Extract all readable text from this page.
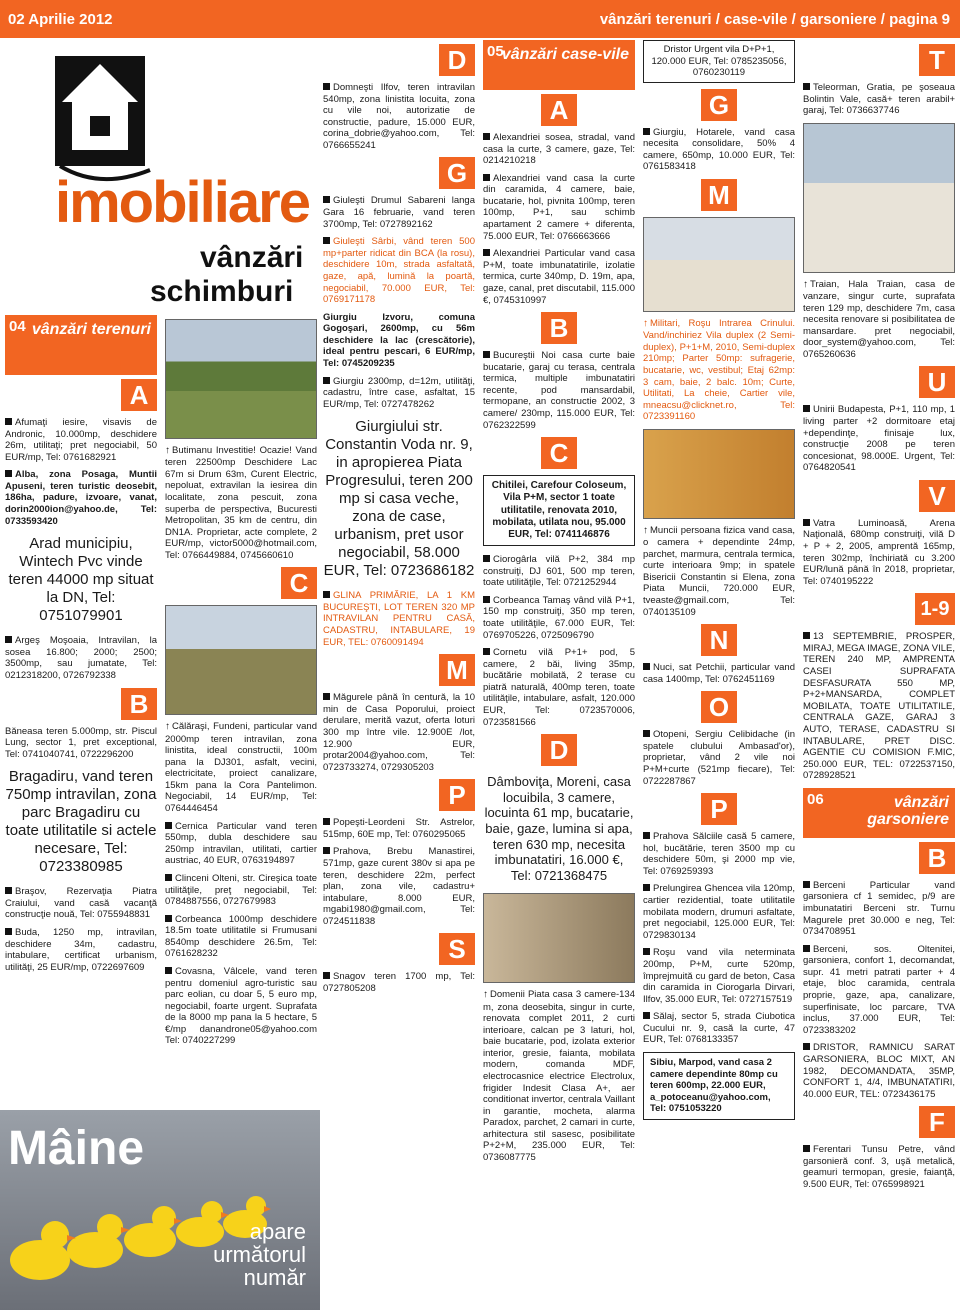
02 Aprilie 2012	vânzări terenuri / case-vile / garsoniere / pagina 9
imobiliare
vânzări
schimburi
04 vânzări terenuri
A
Afumaţi iesire, visavis de Andronic, 10.000mp, deschidere 26m, utilitaţi; pret negociabil, 50 EUR/mp, Tel: 0761682921
Alba, zona Posaga, Muntii Apuseni, teren turistic deosebit, 186ha, padure, izvoare, vanat, dorin2000ion@yahoo.de, Tel: 0733593420
Arad municipiu, Wintech Pvc vinde teren 44000 mp situat la DN, Tel: 0751079901
Argeş Moşoaia, Intravilan, la sosea 16.800; 2000; 2500; 3500mp, sau jumatate, Tel: 0212318200, 0726792338
B
Băneasa teren 5.000mp, str. Piscul Lung, sector 1, pret exceptional, Tel: 0741040741, 0722296200
Bragadiru, vand teren 750mp intravilan, zona parc Bragadiru cu toate utilitatile si actele necesare, Tel: 0723380985
Braşov, Rezervaţia Piatra Craiului, vand casă vacanţă construcţie nouă, Tel: 0755948831
Buda, 1250 mp, intravilan, deschidere 34m, cadastru, intabulare, certificat urbanism, utilităţi, 25 EUR/mp, 0722697609
↑ Butimanu Investitie! Ocazie! Vand teren 22500mp Deschidere Lac 67m si Drum 63m, Curent Electric, nepoluat, extravilan la iesirea din localitate, zona pescuit, zona superba de perspectiva, Bucuresti Metropolitan, 35 km de centru, din DN1A. Proprietar, acte complete, 2 EUR/mp, victor5000@hotmail.com, Tel: 0766449884, 0745660610
C
↑ Călăraşi, Fundeni, particular vand 2000mp teren intravilan, zona linistita, ideal constructii, 100m pana la DJ301, asfalt, vecini, electricitate, proiect canalizare, 15km pana la Cora Pantelimon. Negociabil, 14 EUR/mp, Tel: 0764446454
Cernica Particular vand teren 550mp, dubla deschidere sau 250mp intravilan, utilitati, cartier austriac, 40 EUR, 0763194897
Clinceni Olteni, str. Cireşica toate utilităţile, preţ negociabil, Tel: 0784887556, 0727679983
Corbeanca 1000mp deschidere 18.5m toate utilitatile si Frumusani 8540mp deschidere 26.5m, Tel: 0761628232
Covasna, Vâlcele, vand teren pentru domeniul agro-turistic sau parc eolian, cu doar 5, 5 euro mp, negociabil, foarte urgent. Suprafata de la 8000 mp pana la 5 hectare, 5 €/mp danandrone05@yahoo.com Tel: 0740227299
Mâine
apare
următorul
număr
D
Domneşti Ilfov, teren intravilan 540mp, zona linistita locuita, zona cu vile noi, autorizatie de constructie, padure, 15.000 EUR, corina_dobrie@yahoo.com, Tel: 0766655241
G
Giuleşti Drumul Sabareni langa Gara 16 februarie, vand teren 3700mp, Tel: 0727892162
Giuleşti Sârbi, vând teren 500 mp+parter ridicat din BCA (la rosu), deschidere 10m, strada asfaltată, gaze, apă, lumină la poartă, negociabil, 70.000 EUR, Tel: 0769171178
Giurgiu Izvoru, comuna Gogoşari, 2600mp, cu 56m deschidere la lac (crescătorie), ideal pentru pescari, 6 EUR/mp, Tel: 0745209235
Giurgiu 2300mp, d=12m, utilităţi, cadastru, între case, asfaltat, 15 EUR/mp, Tel: 0727478262
Giurgiului str. Constantin Voda nr. 9, in apropierea Piata Progresului, teren 200 mp si casa veche, zona de case, urbanism, pret usor negociabil, 58.000 EUR, Tel: 0723686182
GLINA PRIMĂRIE, LA 1 KM BUCUREŞTI, LOT TEREN 320 MP INTRAVILAN PENTRU CASĂ, CADASTRU, INTABULARE, 19 EUR, TEL: 0760091494
M
Măgurele până în centură, la 10 min de Casa Poporului, proiect derulare, merită vazut, oferta loturi 300 mp între vile. 12.900E /lot, 12.900 EUR, protar2004@yahoo.com, Tel: 0723733274, 0729305203
P
Popeşti-Leordeni Str. Astrelor, 515mp, 60E mp, Tel: 0760295065
Prahova, Brebu Manastirei, 571mp, gaze curent 380v si apa pe teren, deschidere 22m, perfect plan, zona vile, cadastru+ intabulare, 8.000 EUR, mgabi1980@gmail.com, Tel: 0724511838
S
Snagov teren 1700 mp, Tel: 0727805208
05
vânzări case-vile
A
Alexandriei sosea, stradal, vand casa la curte, 3 camere, gaze, Tel: 0214210218
Alexandriei vand casa la curte din caramida, 4 camere, baie, bucatarie, hol, pivnita 100mp, teren 100mp, P+1, sau schimb apartament 2 camere + diferenta, 75.000 EUR, Tel: 0766663666
Alexandriei Particular vand casa P+M, toate imbunatatirile, izolatie termica, curte 340mp, D. 19m, apa, gaze, canal, pret discutabil, 115.000 €, 0745310997
B
Bucureştii Noi casa curte baie bucatarie, garaj cu terasa, centrala termica, multiple imbunatatiri recente, pod mansardabil, termopane, an constructie 2002, 3 camere/ 230mp, 115.000 EUR, Tel: 0762322599
C
Chitilei, Carefour Coloseum, Vila P+M, sector 1 toate utilitatile, renovata 2010, mobilata, utilata nou, 95.000 EUR, Tel: 0741146876
Ciorogârla vilă P+2, 384 mp construiţi, DJ 601, 500 mp teren, toate utilităţile, Tel: 0721252944
Corbeanca Tamaş vând vilă P+1, 150 mp construiţi, 350 mp teren, toate utilităţile, 67.000 EUR, Tel: 0769705226, 0725096790
Cornetu vilă P+1+ pod, 5 camere, 2 băi, living 35mp, bucătărie mobilată, 2 terase cu piatră naturală, 400mp teren, toate utilităţile, intabulare, asfalt, 120.000 EUR, Tel: 0723570006, 0723581566
D
Dâmboviţa, Moreni, casa locuibila, 3 camere, locuinta 61 mp, bucatarie, baie, gaze, lumina si apa, teren 630 mp, necesita imbunatatiri, 16.000 €, Tel: 0721368475
↑ Domenii Piata casa 3 camere-134 m, zona deosebita, singur in curte, renovata complet 2011, 2 curti interioare, calcan pe 3 laturi, hol, baie bucatarie, pod, izolata exterior interior, gresie, faianta, mobilata modern, comanda MDF, electrocasnice electrice Electrolux, frigider Indesit Clasa A+, aer conditionat invertor, centrala Vaillant in garantie, mocheta, alarma Paradox, parchet, 2 camari in curte, arhitectura stil sasesc, posibilitate P+2+M, 235.000 EUR, Tel: 0736087775
Dristor Urgent vila D+P+1, 120.000 EUR, Tel: 0785235056, 0760230119
G
Giurgiu, Hotarele, vand casa necesita consolidare, 50% 4 camere, 650mp, 10.000 EUR, Tel: 0761583418
M
↑ Militari, Roşu Intrarea Crinului. Vand/inchiriez Vila duplex (2 Semi-duplex), P+1+M, 2010, Semi-duplex 210mp; Parter 50mp: sufragerie, bucatarie, wc, vestibul; Etaj 62mp: 3 cam, baie, 2 balc. 10m; Curte, Utilitati, La cheie, Cartier vile, mneacsu@clicknet.ro, Tel: 0723391160
↑ Muncii persoana fizica vand casa, o camera + dependinte 24mp, parchet, marmura, centrala termica, curte interioara 9mp; in spatele Bisericii Constantin si Elena, zona Piata Muncii, 720.000 EUR, tveaste@gmail.com, Tel: 0740135109
N
Nuci, sat Petchii, particular vand casa 1400mp, Tel: 0762451169
O
Otopeni, Sergiu Celibidache (in spatele clubului Ambasad'or), proprietar, vând 2 vile noi P+M+curte (521mp fiecare), Tel: 0722287867
P
Prahova Sălciile casă 5 camere, hol, bucătărie, teren 3500 mp cu deschidere 50m, şi 2000 mp vie, Tel: 0769259393
Prelungirea Ghencea vila 120mp, cartier rezidential, toate utilitatile mobilata modern, drumuri asfaltate, pret negociabil, 125.000 EUR, Tel: 0729830134
Roşu vand vila neterminata 200mp, P+M, curte 520mp, împrejmuită cu gard de beton, Casa din caramida in Ciorogarla Dirvari, Ilfov, 35.000 EUR, Tel: 0727157519
Sălaj, sector 5, strada Ciubotica Cucului nr. 9, casă la curte, 47 EUR, Tel: 0768133357
Sibiu, Marpod, vand casa 2 camere dependinte 80mp cu teren 600mp, 22.000 EUR, a_potoceanu@yahoo.com, Tel: 0751053220
T
Teleorman, Gratia, pe şoseaua Bolintin Vale, casă+ teren arabil+ garaj, Tel: 0736637746
↑ Traian, Hala Traian, casa de vanzare, singur curte, suprafata teren 129 mp, deschidere 7m, casa necesita renovare si posibilitatea de mansardare. pret negociabil, door_system@yahoo.com, Tel: 0765260636
U
Unirii Budapesta, P+1, 110 mp, 1 living parter +2 dormitoare etaj +dependinţe, finisaje lux, construcţie 2008 pe teren concesionat, 98.000E. Urgent, Tel: 0764820541
V
Vatra Luminoasă, Arena Naţională, 680mp construiţi, vilă D + P + 2, 2005, amprentă 165mp, teren 302mp, închiriată cu 3.200 EUR/lună până în 2018, proprietar, Tel: 0740195222
1-9
13 SEPTEMBRIE, PROSPER, MIRAJ, MEGA IMAGE, ZONA VILE, TEREN 240 MP, AMPRENTA CASEI SUPRAFATA DESFASURATA 550 MP, P+2+MANSARDA, COMPLET MOBILATA, TOATE UTILITATILE, CENTRALA GAZE, GARAJ 3 AUTO, TERASE, CADASTRU SI INTABULARE, PRET DISC. AGENTIE CU COMISION F.MIC, 250.000 EUR, TEL: 0722537150, 0728928521
06	vânzări garsoniere
B
Berceni Particular vand garsoniera cf 1 semidec, p/9 are imbunatatiri Berceni str. Turnu Magurele pret 30.000 e neg, Tel: 0734708951
Berceni, sos. Oltenitei, garsoniera, confort 1, decomandat, supr. 41 metri patrati parter + 4 etaje, bloc caramida, centrala proprie, gaze, apa, canalizare, superfinisate, loc parcare, TVA inclus, 37.000 EUR, Tel: 0723383202
DRISTOR, RAMNICU SARAT GARSONIERA, BLOC MIXT, AN 1982, DECOMANDATA, 35MP, CONFORT 1, 4/4, IMBUNATATIRI, 40.000 EUR, TEL: 0723436175
F
Ferentari Tunsu Petre, vând garsonieră conf. 3, uşă metalică, geamuri termopan, gresie, faianţă, 9.500 EUR, Tel: 0765998921
